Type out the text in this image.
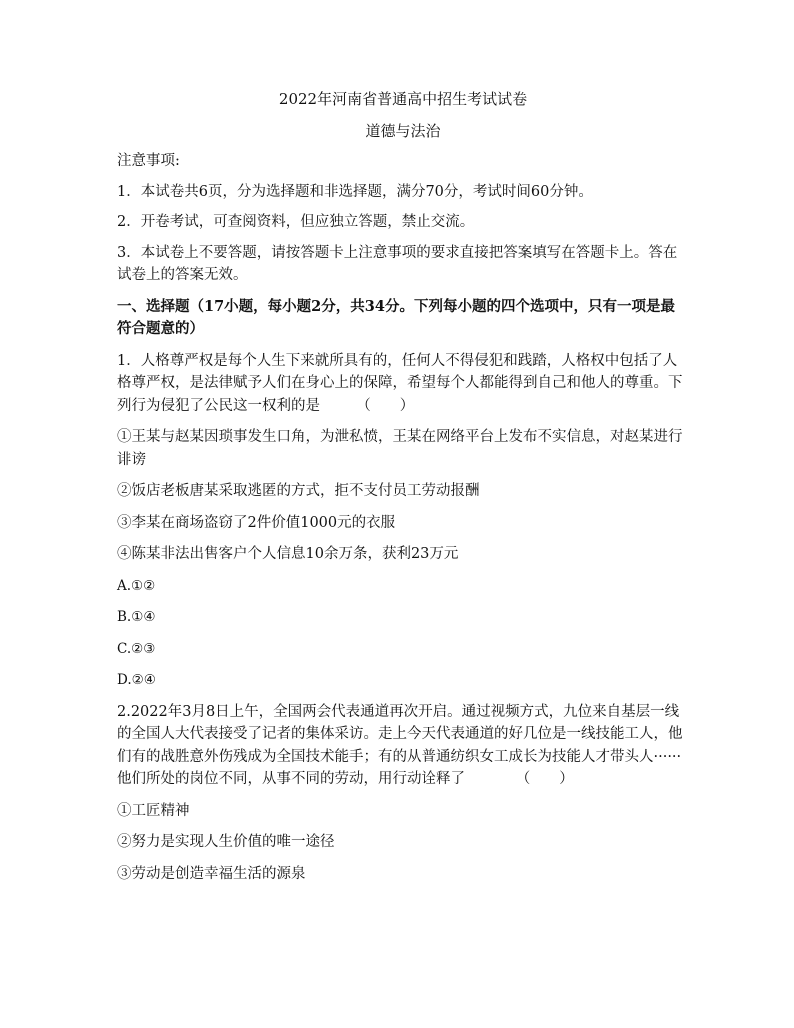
2022年河南省普通高中招生考试试卷

道德与法治

注意事项:

1．本试卷共6页，分为选择题和非选择题，满分70分，考试时间60分钟。

2．开卷考试，可查阅资料，但应独立答题，禁止交流。

3．本试卷上不要答题，请按答题卡上注意事项的要求直接把答案填写在答题卡上。答在试卷上的答案无效。

一、选择题（17小题，每小题2分，共34分。下列每小题的四个选项中，只有一项是最符合题意的）

1．人格尊严权是每个人生下来就所具有的，任何人不得侵犯和践踏，人格权中包括了人格尊严权，是法律赋予人们在身心上的保障，希望每个人都能得到自己和他人的尊重。下列行为侵犯了公民这一权利的是　　　（　　）

①王某与赵某因琐事发生口角，为泄私愤，王某在网络平台上发布不实信息，对赵某进行诽谤

②饭店老板唐某采取逃匿的方式，拒不支付员工劳动报酬

③李某在商场盗窃了2件价值1000元的衣服

④陈某非法出售客户个人信息10余万条，获利23万元

A.①②

B.①④

C.②③

D.②④

2.2022年3月8日上午，全国两会代表通道再次开启。通过视频方式，九位来自基层一线的全国人大代表接受了记者的集体采访。走上今天代表通道的好几位是一线技能工人，他们有的战胜意外伤残成为全国技术能手；有的从普通纺织女工成长为技能人才带头人······他们所处的岗位不同，从事不同的劳动，用行动诠释了　　　　（　　）

①工匠精神

②努力是实现人生价值的唯一途径

③劳动是创造幸福生活的源泉
